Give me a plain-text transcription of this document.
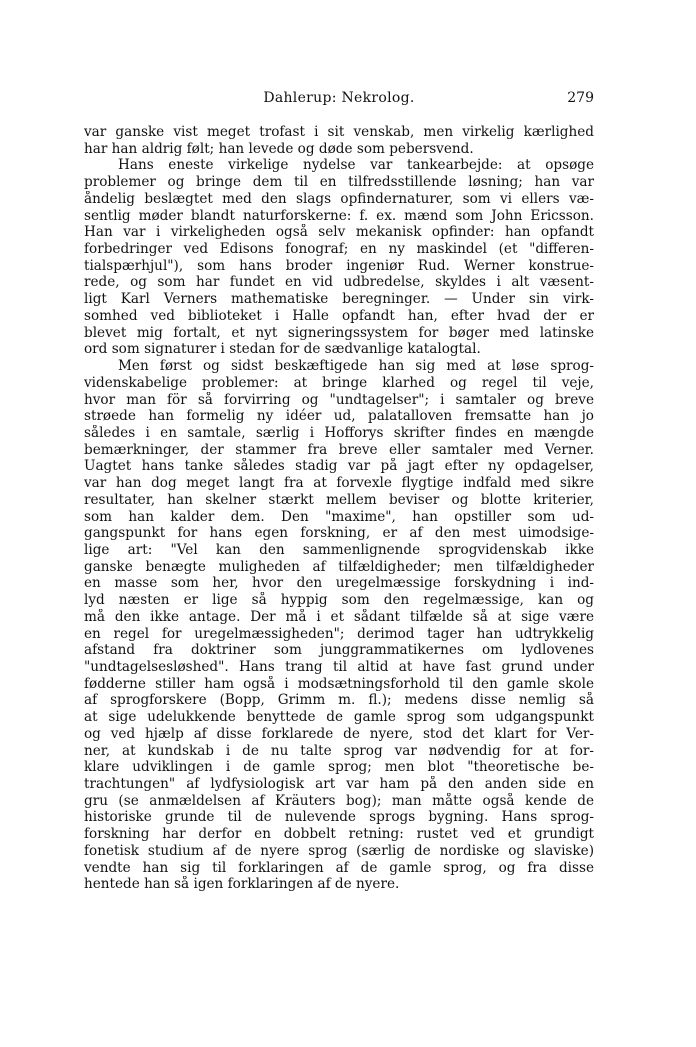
Dahlerup: Nekrolog.	279
var ganske vist meget trofast i sit venskab, men virkelig kærlighed
har han aldrig følt; han levede og døde som pebersvend.
Hans eneste virkelige nydelse var tankearbejde: at opsøge
problemer og bringe dem til en tilfredsstillende løsning; han var
åndelig beslægtet med den slags opfindernaturer, som vi ellers væ-
sentlig møder blandt naturforskerne: f. ex. mænd som John Ericsson.
Han var i virkeligheden også selv mekanisk opfinder: han opfandt
forbedringer ved Edisons fonograf; en ny maskindel (et "differen-
tialspærhjul"), som hans broder ingeniør Rud. Werner konstrue-
rede, og som har fundet en vid udbredelse, skyldes i alt væsent-
ligt Karl Verners mathematiske beregninger. — Under sin virk-
somhed ved biblioteket i Halle opfandt han, efter hvad der er
blevet mig fortalt, et nyt signeringssystem for bøger med latinske
ord som signaturer i stedan for de sædvanlige katalogtal.
Men først og sidst beskæftigede han sig med at løse sprog-
videnskabelige problemer: at bringe klarhed og regel til veje,
hvor man för så forvirring og "undtagelser"; i samtaler og breve
strøede han formelig ny idéer ud, palatalloven fremsatte han jo
således i en samtale, særlig i Hofforys skrifter findes en mængde
bemærkninger, der stammer fra breve eller samtaler med Verner.
Uagtet hans tanke således stadig var på jagt efter ny opdagelser,
var han dog meget langt fra at forvexle flygtige indfald med sikre
resultater, han skelner stærkt mellem beviser og blotte kriterier,
som han kalder dem. Den "maxime", han opstiller som ud-
gangspunkt for hans egen forskning, er af den mest uimodsige-
lige art: "Vel kan den sammenlignende sprogvidenskab ikke
ganske benægte muligheden af tilfældigheder; men tilfældigheder
en masse som her, hvor den uregelmæssige forskydning i ind-
lyd næsten er lige så hyppig som den regelmæssige, kan og
må den ikke antage. Der må i et sådant tilfælde så at sige være
en regel for uregelmæssigheden"; derimod tager han udtrykkelig
afstand fra doktriner som junggrammatikernes om lydlovenes
"undtagelsesløshed". Hans trang til altid at have fast grund under
fødderne stiller ham også i modsætningsforhold til den gamle skole
af sprogforskere (Bopp, Grimm m. fl.); medens disse nemlig så
at sige udelukkende benyttede de gamle sprog som udgangspunkt
og ved hjælp af disse forklarede de nyere, stod det klart for Ver-
ner, at kundskab i de nu talte sprog var nødvendig for at for-
klare udviklingen i de gamle sprog; men blot "theoretische be-
trachtungen" af lydfysiologisk art var ham på den anden side en
gru (se anmældelsen af Kräuters bog); man måtte også kende de
historiske grunde til de nulevende sprogs bygning. Hans sprog-
forskning har derfor en dobbelt retning: rustet ved et grundigt
fonetisk studium af de nyere sprog (særlig de nordiske og slaviske)
vendte han sig til forklaringen af de gamle sprog, og fra disse
hentede han så igen forklaringen af de nyere.
